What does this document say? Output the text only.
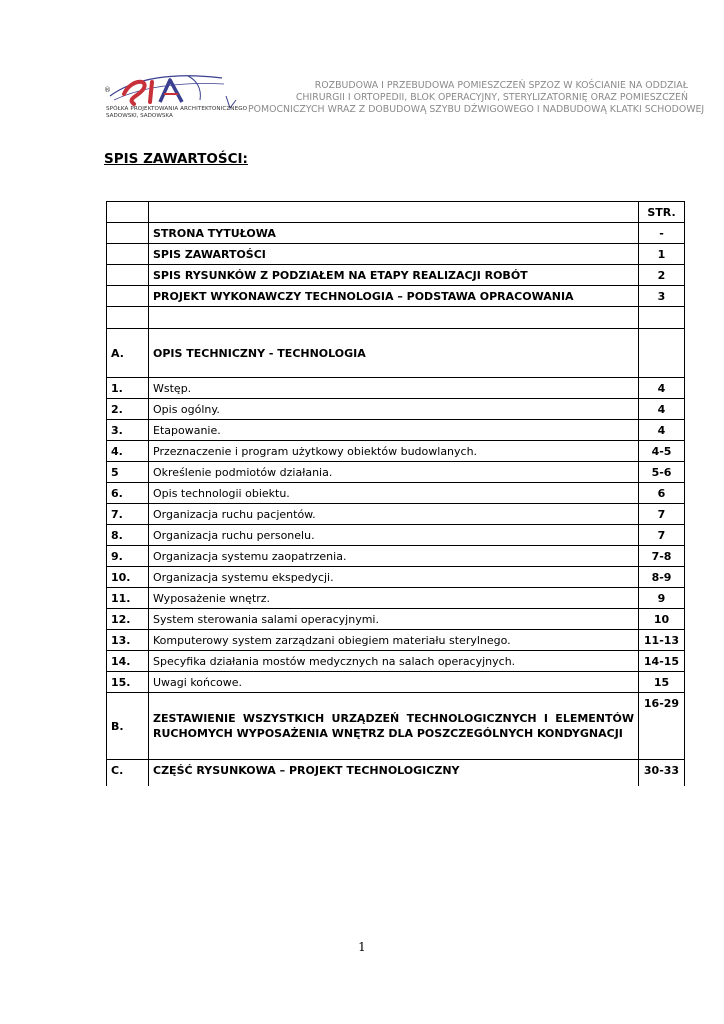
®
SPÓŁKA PROJEKTOWANIA ARCHITEKTONICZNEGO
SADOWSKI, SADOWSKA
ROZBUDOWA I PRZEBUDOWA POMIESZCZEŃ SPZOZ W KOŚCIANIE NA ODDZIAŁ
CHIRURGII I ORTOPEDII, BLOK OPERACYJNY, STERYLIZATORNIĘ ORAZ POMIESZCZEŃ
POMOCNICZYCH WRAZ Z DOBUDOWĄ SZYBU DŹWIGOWEGO I NADBUDOWĄ KLATKI SCHODOWEJ
SPIS ZAWARTOŚCI:
		STR.
	STRONA TYTUŁOWA	-
	SPIS ZAWARTOŚCI	1
	SPIS RYSUNKÓW Z PODZIAŁEM NA ETAPY REALIZACJI ROBÓT	2
	PROJEKT WYKONAWCZY TECHNOLOGIA – PODSTAWA OPRACOWANIA	3

A.	OPIS TECHNICZNY - TECHNOLOGIA	
1.	Wstęp.	4
2.	Opis ogólny.	4
3.	Etapowanie.	4
4.	Przeznaczenie i program użytkowy obiektów budowlanych.	4-5
5	Określenie podmiotów działania.	5-6
6.	Opis technologii obiektu.	6
7.	Organizacja ruchu pacjentów.	7
8.	Organizacja ruchu personelu.	7
9.	Organizacja systemu zaopatrzenia.	7-8
10.	Organizacja systemu ekspedycji.	8-9
11.	Wyposażenie wnętrz.	9
12.	System sterowania salami operacyjnymi.	10
13.	Komputerowy system zarządzani obiegiem materiału sterylnego.	11-13
14.	Specyfika działania mostów medycznych na salach operacyjnych.	14-15
15.	Uwagi końcowe.	15
B.	ZESTAWIENIE WSZYSTKICH URZĄDZEŃ TECHNOLOGICZNYCH I ELEMENTÓW RUCHOMYCH WYPOSAŻENIA WNĘTRZ DLA POSZCZEGÓLNYCH KONDYGNACJI	16-29
C.	CZĘŚĆ RYSUNKOWA – PROJEKT TECHNOLOGICZNY	30-33
1
